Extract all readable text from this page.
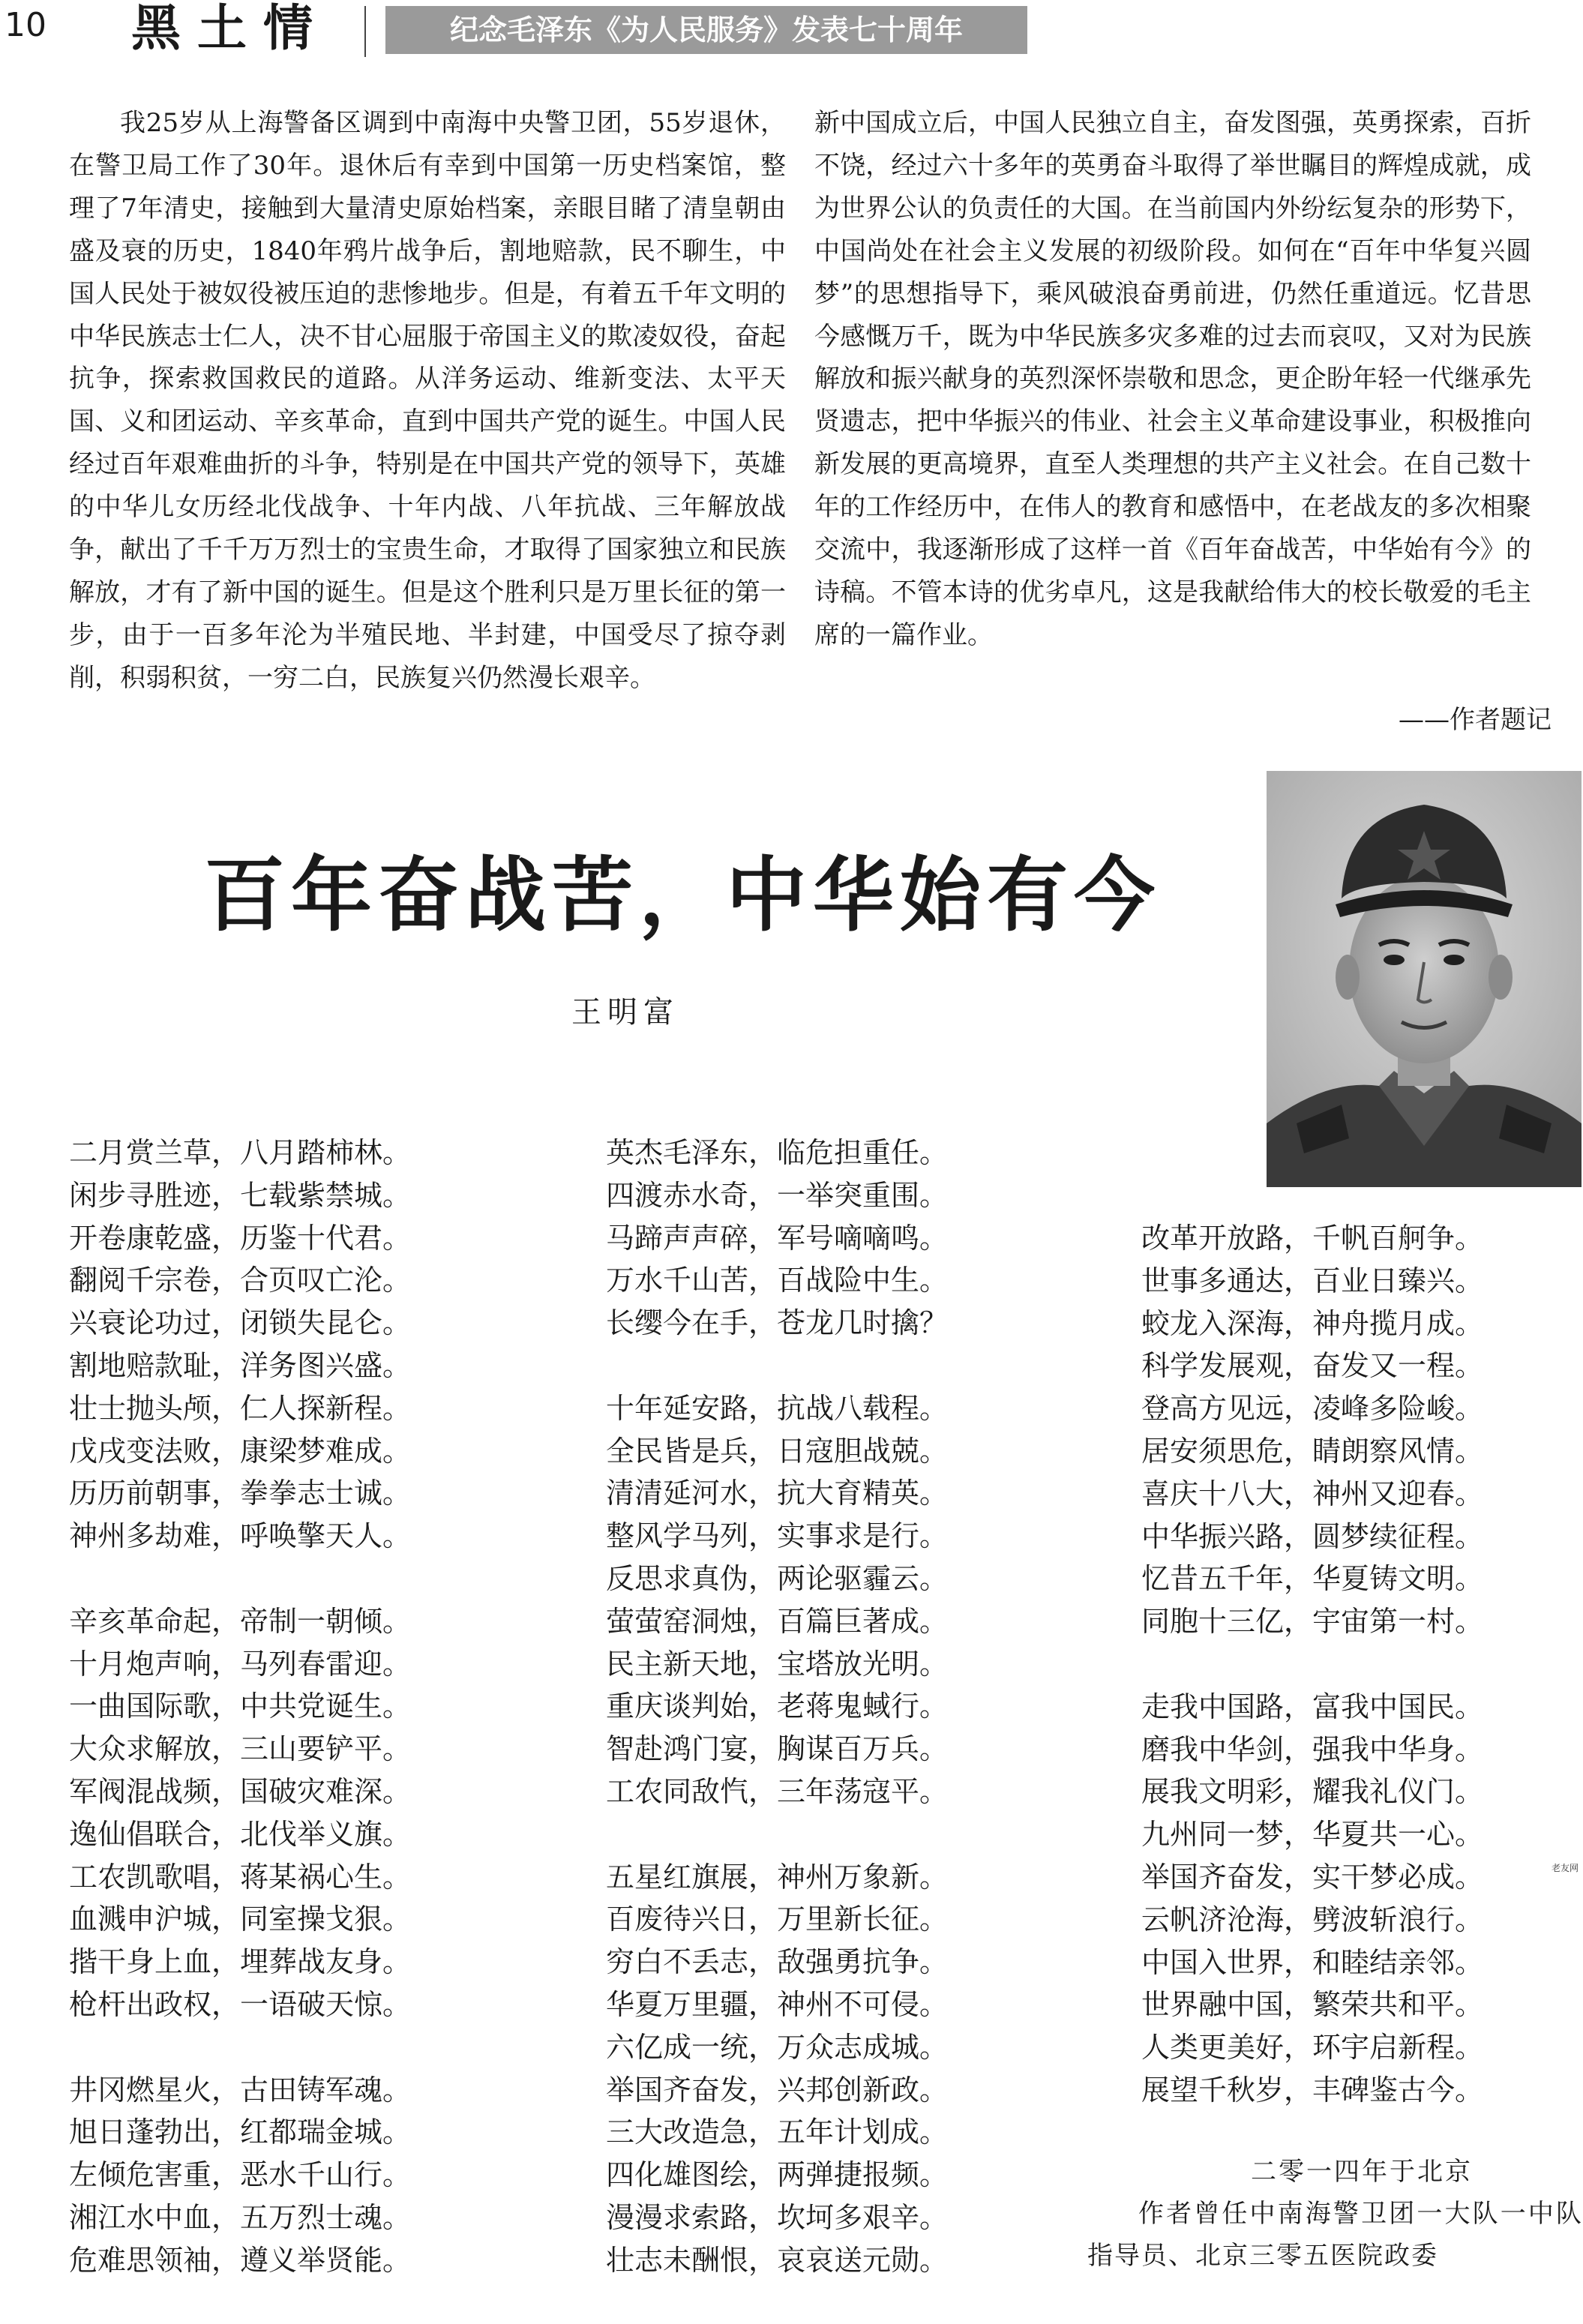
10 黑土情	纪念毛泽东《为人民服务》发表七十周年

我25岁从上海警备区调到中南海中央警卫团，55岁退休，在警卫局工作了30年。退休后有幸到中国第一历史档案馆，整理了7年清史，接触到大量清史原始档案，亲眼目睹了清皇朝由盛及衰的历史，1840年鸦片战争后，割地赔款，民不聊生，中国人民处于被奴役被压迫的悲惨地步。但是，有着五千年文明的中华民族志士仁人，决不甘心屈服于帝国主义的欺凌奴役，奋起抗争，探索救国救民的道路。从洋务运动、维新变法、太平天国、义和团运动、辛亥革命，直到中国共产党的诞生。中国人民经过百年艰难曲折的斗争，特别是在中国共产党的领导下，英雄的中华儿女历经北伐战争、十年内战、八年抗战、三年解放战争，献出了千千万万烈士的宝贵生命，才取得了国家独立和民族解放，才有了新中国的诞生。但是这个胜利只是万里长征的第一步，由于一百多年沦为半殖民地、半封建，中国受尽了掠夺剥削，积弱积贫，一穷二白，民族复兴仍然漫长艰辛。

新中国成立后，中国人民独立自主，奋发图强，英勇探索，百折不饶，经过六十多年的英勇奋斗取得了举世瞩目的辉煌成就，成为世界公认的负责任的大国。在当前国内外纷纭复杂的形势下，中国尚处在社会主义发展的初级阶段。如何在“百年中华复兴圆梦”的思想指导下，乘风破浪奋勇前进，仍然任重道远。忆昔思今感慨万千，既为中华民族多灾多难的过去而哀叹，又对为民族解放和振兴献身的英烈深怀崇敬和思念，更企盼年轻一代继承先贤遗志，把中华振兴的伟业、社会主义革命建设事业，积极推向新发展的更高境界，直至人类理想的共产主义社会。在自己数十年的工作经历中，在伟人的教育和感悟中，在老战友的多次相聚交流中，我逐渐形成了这样一首《百年奋战苦，中华始有今》的诗稿。不管本诗的优劣卓凡，这是我献给伟大的校长敬爱的毛主席的一篇作业。

——作者题记
百年奋战苦，中华始有今
王明富
二月赏兰草，八月踏柿林。
闲步寻胜迹，七载紫禁城。
开卷康乾盛，历鉴十代君。
翻阅千宗卷，合页叹亡沦。
兴衰论功过，闭锁失昆仑。
割地赔款耻，洋务图兴盛。
壮士抛头颅，仁人探新程。
戊戌变法败，康梁梦难成。
历历前朝事，拳拳志士诚。
神州多劫难，呼唤擎天人。
辛亥革命起，帝制一朝倾。
十月炮声响，马列春雷迎。
一曲国际歌，中共党诞生。
大众求解放，三山要铲平。
军阀混战频，国破灾难深。
逸仙倡联合，北伐举义旗。
工农凯歌唱，蒋某祸心生。
血溅申沪城，同室操戈狠。
揩干身上血，埋葬战友身。
枪杆出政权，一语破天惊。
井冈燃星火，古田铸军魂。
旭日蓬勃出，红都瑞金城。
左倾危害重，恶水千山行。
湘江水中血，五万烈士魂。
危难思领袖，遵义举贤能。
英杰毛泽东，临危担重任。
四渡赤水奇，一举突重围。
马蹄声声碎，军号嘀嘀鸣。
万水千山苦，百战险中生。
长缨今在手，苍龙几时擒？
十年延安路，抗战八载程。
全民皆是兵，日寇胆战兢。
清清延河水，抗大育精英。
整风学马列，实事求是行。
反思求真伪，两论驱霾云。
萤萤窑洞烛，百篇巨著成。
民主新天地，宝塔放光明。
重庆谈判始，老蒋鬼蜮行。
智赴鸿门宴，胸谋百万兵。
工农同敌忾，三年荡寇平。
五星红旗展，神州万象新。
百废待兴日，万里新长征。
穷白不丢志，敌强勇抗争。
华夏万里疆，神州不可侵。
六亿成一统，万众志成城。
举国齐奋发，兴邦创新政。
三大改造急，五年计划成。
四化雄图绘，两弹捷报频。
漫漫求索路，坎坷多艰辛。
壮志未酬恨，哀哀送元勋。
改革开放路，千帆百舸争。
世事多通达，百业日臻兴。
蛟龙入深海，神舟揽月成。
科学发展观，奋发又一程。
登高方见远，凌峰多险峻。
居安须思危，睛朗察风情。
喜庆十八大，神州又迎春。
中华振兴路，圆梦续征程。
忆昔五千年，华夏铸文明。
同胞十三亿，宇宙第一村。
走我中国路，富我中国民。
磨我中华剑，强我中华身。
展我文明彩，耀我礼仪门。
九州同一梦，华夏共一心。
举国齐奋发，实干梦必成。
云帆济沧海，劈波斩浪行。
中国入世界，和睦结亲邻。
世界融中国，繁荣共和平。
人类更美好，环宇启新程。
展望千秋岁，丰碑鉴古今。
老友网
二零一四年于北京

作者曾任中南海警卫团一大队一中队指导员、北京三零五医院政委
